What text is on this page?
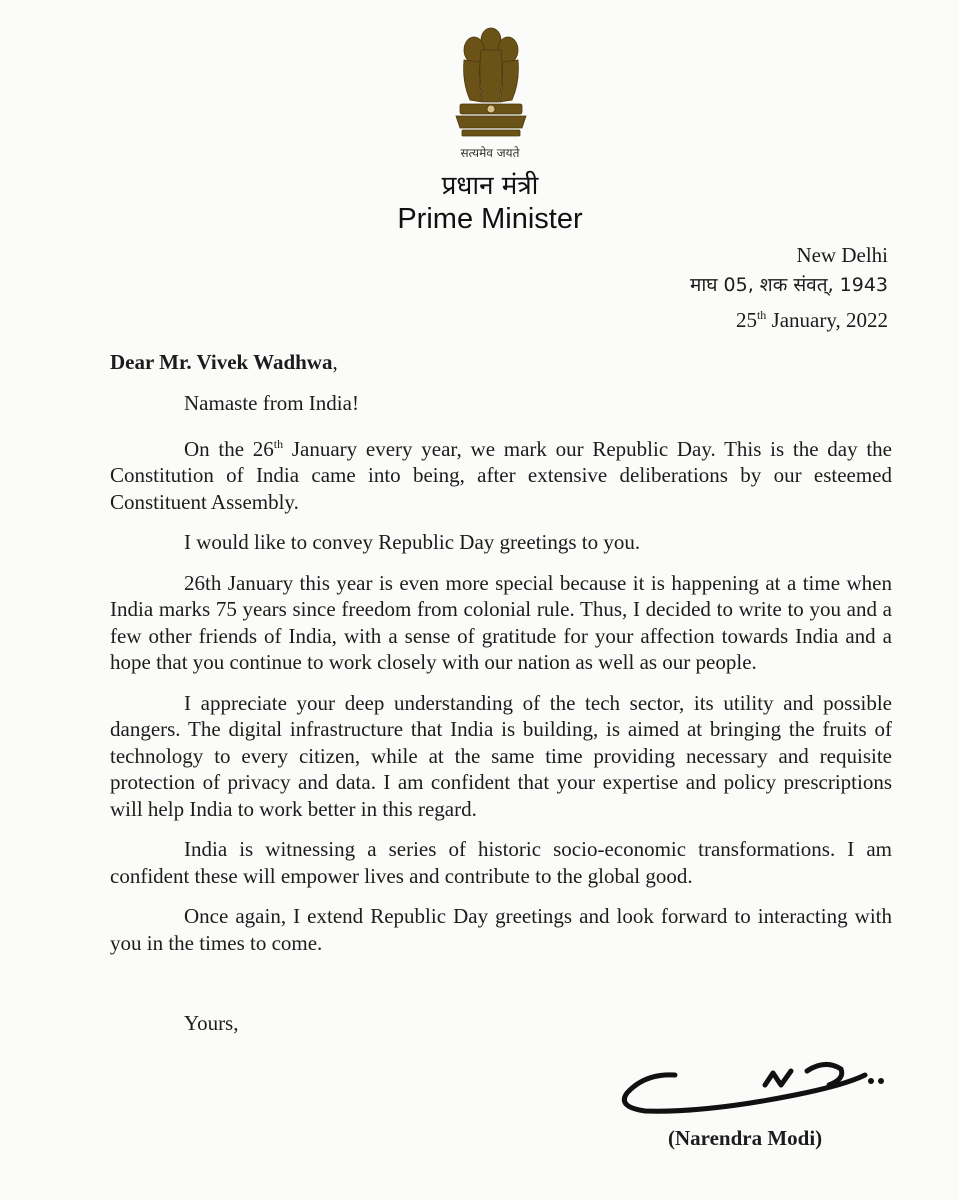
सत्यमेव जयते
प्रधान मंत्री
Prime Minister
New Delhi
माघ 05, शक संवत्, 1943
25th January, 2022
Dear Mr. Vivek Wadhwa,

Namaste from India!

On the 26th January every year, we mark our Republic Day. This is the day the Constitution of India came into being, after extensive deliberations by our esteemed Constituent Assembly.

I would like to convey Republic Day greetings to you.

26th January this year is even more special because it is happening at a time when India marks 75 years since freedom from colonial rule. Thus, I decided to write to you and a few other friends of India, with a sense of gratitude for your affection towards India and a hope that you continue to work closely with our nation as well as our people.

I appreciate your deep understanding of the tech sector, its utility and possible dangers. The digital infrastructure that India is building, is aimed at bringing the fruits of technology to every citizen, while at the same time providing necessary and requisite protection of privacy and data. I am confident that your expertise and policy prescriptions will help India to work better in this regard.

India is witnessing a series of historic socio-economic transformations. I am confident these will empower lives and contribute to the global good.

Once again, I extend Republic Day greetings and look forward to interacting with you in the times to come.

Yours,
(Narendra Modi)
